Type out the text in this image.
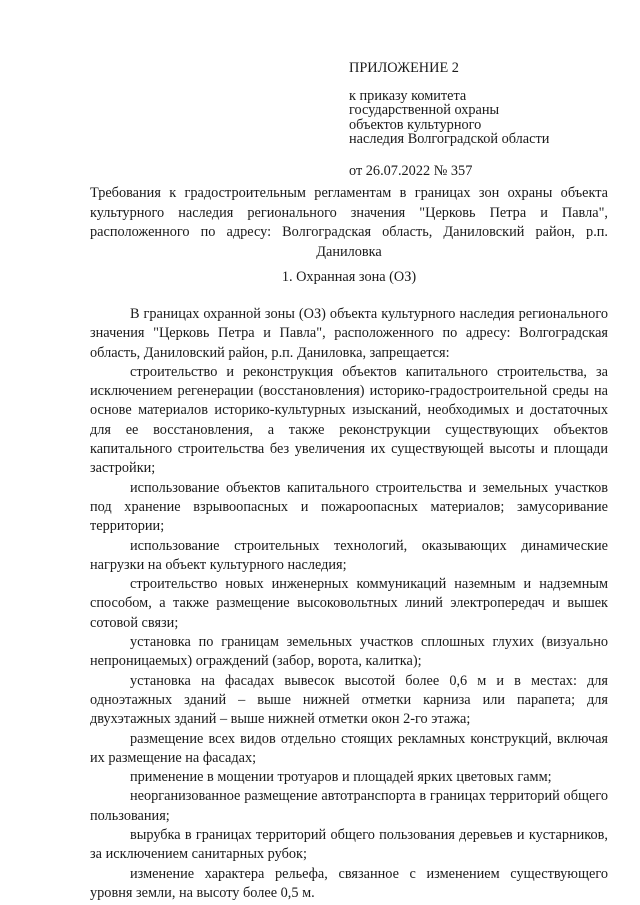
ПРИЛОЖЕНИЕ 2
к приказу комитета
государственной охраны
объектов культурного
наследия Волгоградской области
от 26.07.2022 № 357
Требования к градостроительным регламентам в границах зон охраны объекта культурного наследия регионального значения "Церковь Петра и Павла", расположенного по адресу: Волгоградская область, Даниловский район, р.п. Даниловка
1. Охранная зона (ОЗ)

В границах охранной зоны (ОЗ) объекта культурного наследия регионального значения "Церковь Петра и Павла", расположенного по адресу: Волгоградская область, Даниловский район, р.п. Даниловка, запрещается:

строительство и реконструкция объектов капитального строительства, за исключением регенерации (восстановления) историко-градостроительной среды на основе материалов историко-культурных изысканий, необходимых и достаточных для ее восстановления, а также реконструкции существующих объектов капитального строительства без увеличения их существующей высоты и площади застройки;

использование объектов капитального строительства и земельных участков под хранение взрывоопасных и пожароопасных материалов; замусоривание территории;

использование строительных технологий, оказывающих динамические нагрузки на объект культурного наследия;

строительство новых инженерных коммуникаций наземным и надземным способом, а также размещение высоковольтных линий электропередач и вышек сотовой связи;

установка по границам земельных участков сплошных глухих (визуально непроницаемых) ограждений (забор, ворота, калитка);

установка на фасадах вывесок высотой более 0,6 м и в местах: для одноэтажных зданий – выше нижней отметки карниза или парапета; для двухэтажных зданий – выше нижней отметки окон 2-го этажа;

размещение всех видов отдельно стоящих рекламных конструкций, включая их размещение на фасадах;

применение в мощении тротуаров и площадей ярких цветовых гамм;

неорганизованное размещение автотранспорта в границах территорий общего пользования;

вырубка в границах территорий общего пользования деревьев и кустарников, за исключением санитарных рубок;

изменение характера рельефа, связанное с изменением существующего уровня земли, на высоту более 0,5 м.
